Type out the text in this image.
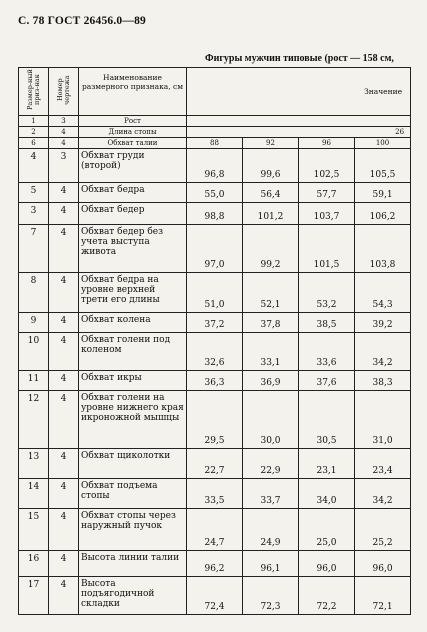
С. 78 ГОСТ 26456.0—89
Фигуры мужчин типовые (рост — 158 см,
Размер-ный приз-нак	Номер чертежа	Наименование размерного признака, см	Значение			
1	3	Рост				
2	4	Длина стопы	26			
6	4	Обхват талии	88	92	96	100
4	3	Обхват груди (второй)	96,8	99,6	102,5	105,5
5	4	Обхват бедра	55,0	56,4	57,7	59,1
3	4	Обхват бедер	98,8	101,2	103,7	106,2
7	4	Обхват бедер без учета выступа живота	97,0	99,2	101,5	103,8
8	4	Обхват бедра на уровне верхней трети его длины	51,0	52,1	53,2	54,3
9	4	Обхват колена	37,2	37,8	38,5	39,2
10	4	Обхват голени под коленом	32,6	33,1	33,6	34,2
11	4	Обхват икры	36,3	36,9	37,6	38,3
12	4	Обхват голени на уровне нижнего края икроножной мышцы	29,5	30,0	30,5	31,0
13	4	Обхват щиколотки	22,7	22,9	23,1	23,4
14	4	Обхват подъема стопы	33,5	33,7	34,0	34,2
15	4	Обхват стопы через наружный пучок	24,7	24,9	25,0	25,2
16	4	Высота линии талии	96,2	96,1	96,0	96,0
17	4	Высота подъягодичной складки	72,4	72,3	72,2	72,1
